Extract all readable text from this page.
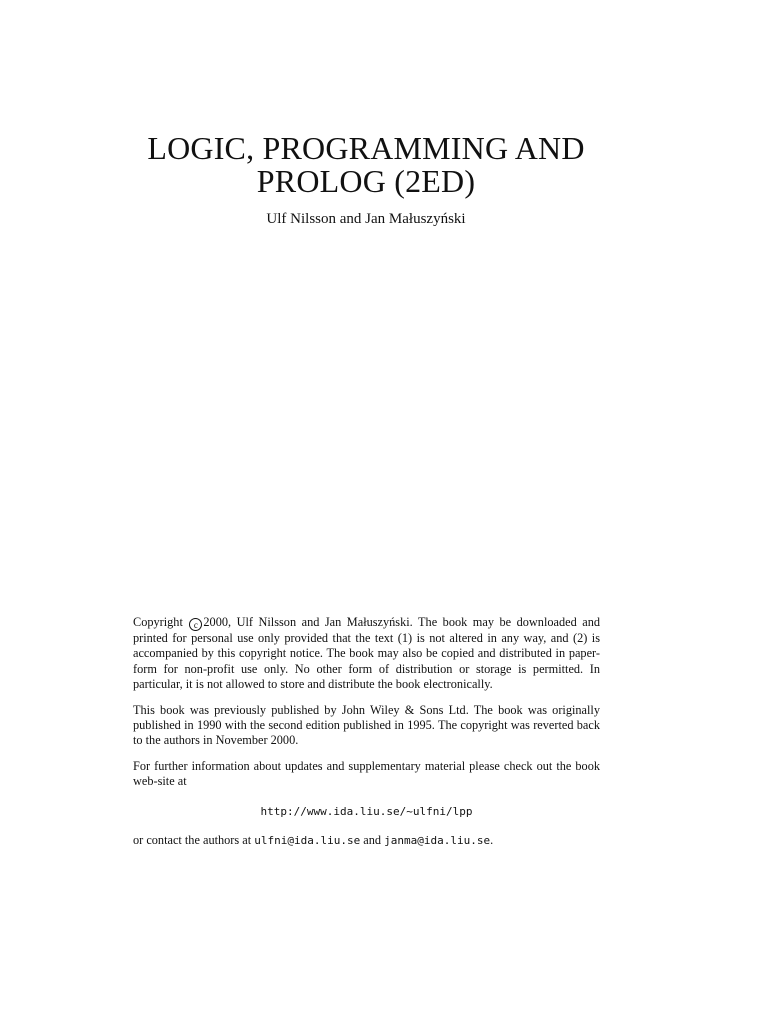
LOGIC, PROGRAMMING AND
PROLOG (2ED)
Ulf Nilsson and Jan Małuszyński

Copyright c 2000, Ulf Nilsson and Jan Małuszyński. The book may be downloaded and printed for personal use only provided that the text (1) is not altered in any way, and (2) is accompanied by this copyright notice. The book may also be copied and distributed in paper-form for non-profit use only. No other form of distribution or storage is permitted. In particular, it is not allowed to store and distribute the book electronically.

This book was previously published by John Wiley & Sons Ltd. The book was originally published in 1990 with the second edition published in 1995. The copyright was reverted back to the authors in November 2000.

For further information about updates and supplementary material please check out the book web-site at

http://www.ida.liu.se/~ulfni/lpp

or contact the authors at ulfni@ida.liu.se and janma@ida.liu.se.
